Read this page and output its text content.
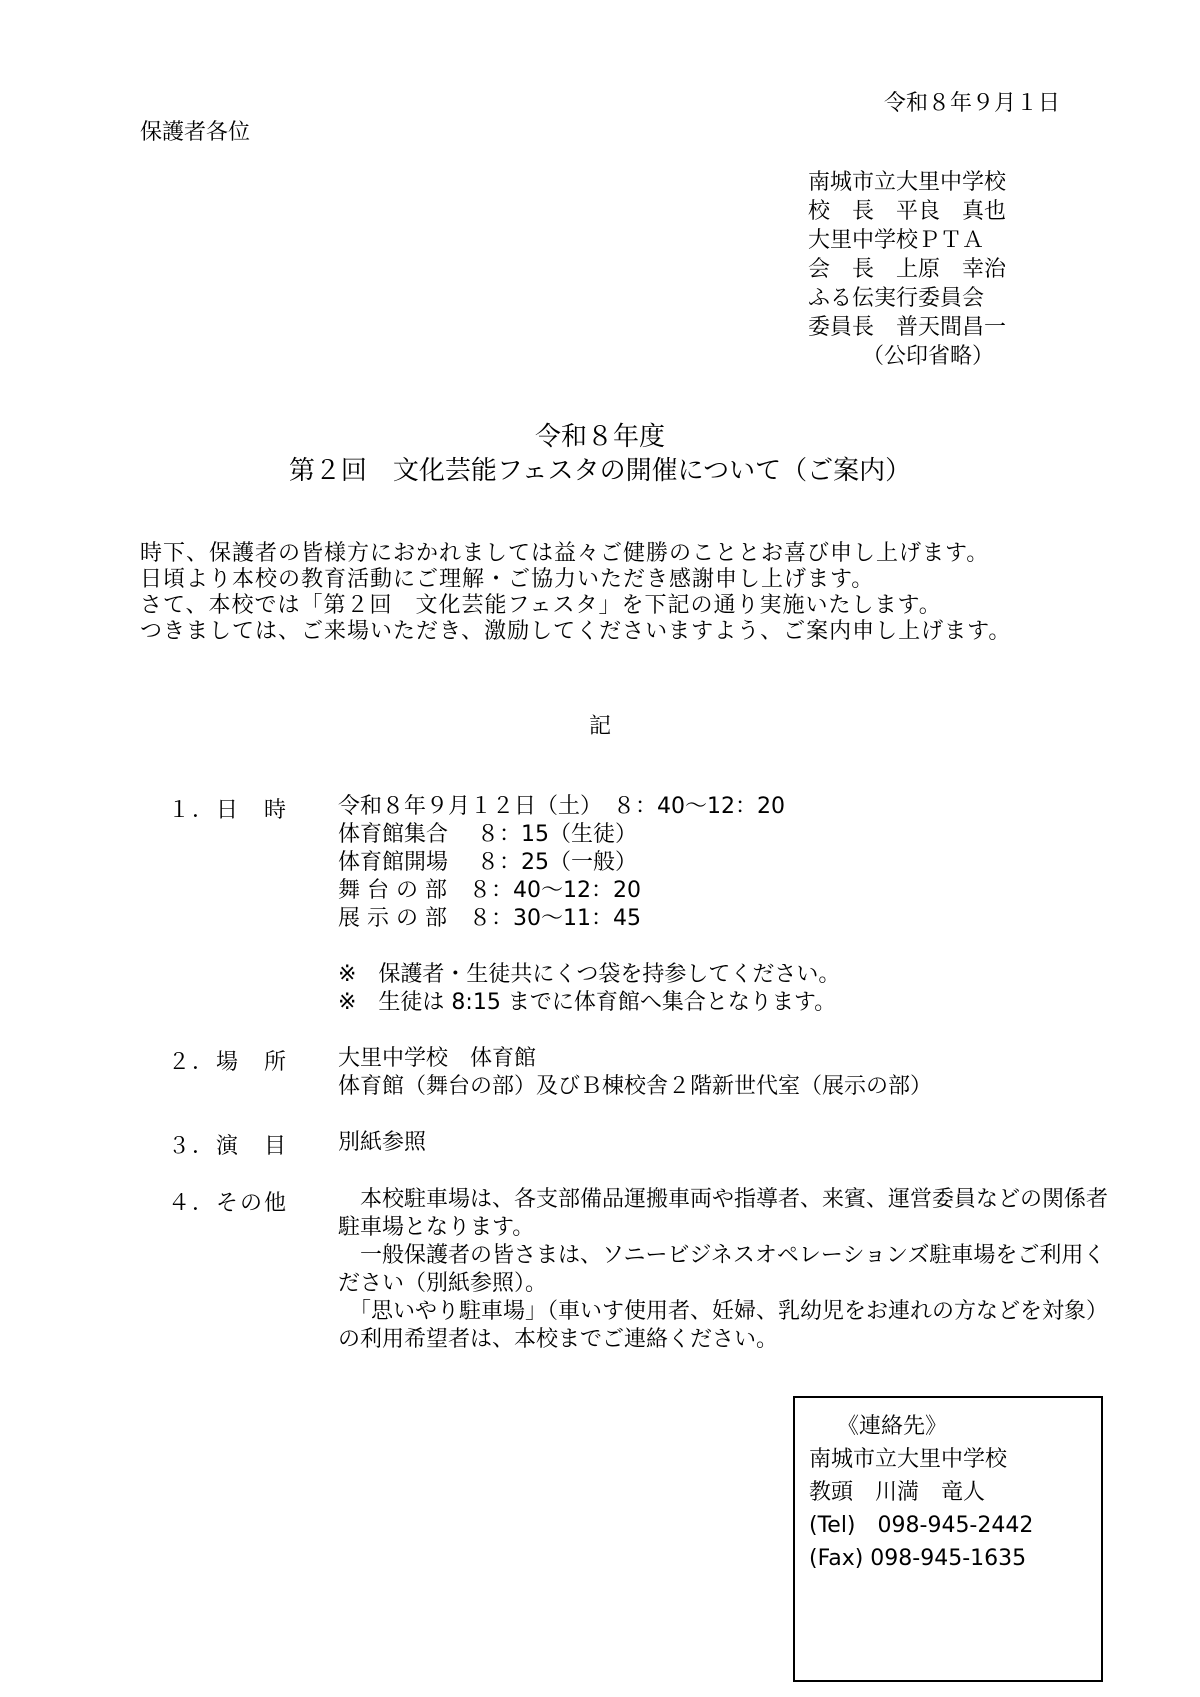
令和８年９月１日
保護者各位
南城市立大里中学校
校　長　平良　真也
大里中学校ＰＴＡ
会　長　上原　幸治
ふる伝実行委員会
委員長　普天間昌一
（公印省略）
令和８年度
第２回　文化芸能フェスタの開催について（ご案内）
時下、保護者の皆様方におかれましては益々ご健勝のこととお喜び申し上げます。
日頃より本校の教育活動にご理解・ご協力いただき感謝申し上げます。
さて、本校では「第２回　文化芸能フェスタ」を下記の通り実施いたします。
つきましては、ご来場いただき、激励してくださいますよう、ご案内申し上げます。
記
１．日　時 令和８年９月１２日（土）　８：40～12：20
体育館集合　 ８：15（生徒）
体育館開場　 ８：25（一般）
舞 台 の 部　８：40～12：20
展 示 の 部　８：30～11：45
※　保護者・生徒共にくつ袋を持参してください。
※　生徒は 8:15 までに体育館へ集合となります。
２．場　所 大里中学校　体育館
体育館（舞台の部）及びＢ棟校舎２階新世代室（展示の部）
３．演　目 別紙参照
４．その他 　本校駐車場は、各支部備品運搬車両や指導者、来賓、運営委員などの関係者駐車場となります。

　一般保護者の皆さまは、ソニービジネスオペレーションズ駐車場をご利用ください（別紙参照）。

　「思いやり駐車場」（車いす使用者、妊婦、乳幼児をお連れの方などを対象）の利用希望者は、本校までご連絡ください。

《連絡先》
南城市立大里中学校
教頭　川満　竜人
(Tel)　098-945-2442
(Fax) 098-945-1635
